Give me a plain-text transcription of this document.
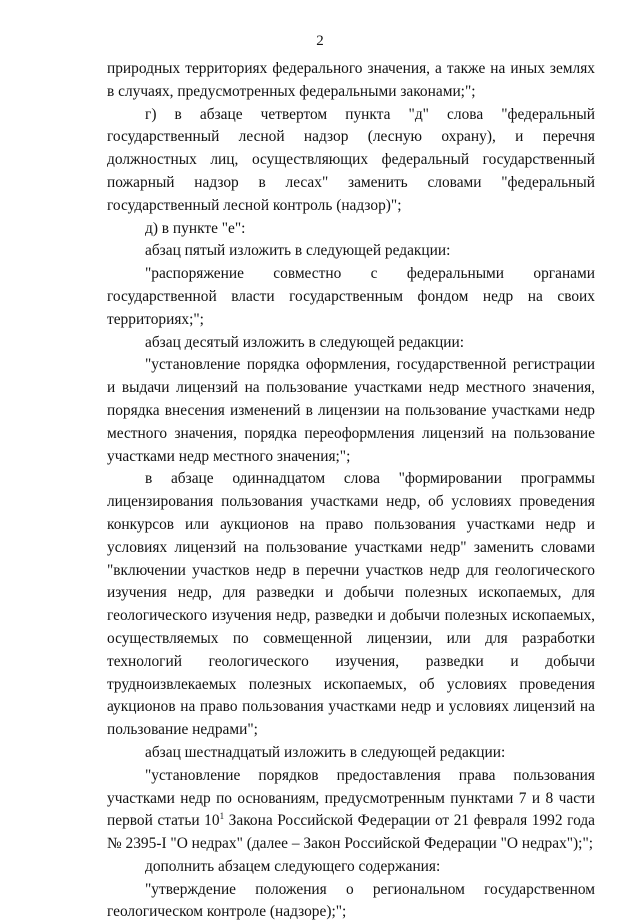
2

природных территориях федерального значения, а также на иных землях в случаях, предусмотренных федеральными законами;";

г) в абзаце четвертом пункта "д" слова "федеральный государственный лесной надзор (лесную охрану), и перечня должностных лиц, осуществляющих федеральный государственный пожарный надзор в лесах" заменить словами "федеральный государственный лесной контроль (надзор)";

д) в пункте "е":

абзац пятый изложить в следующей редакции:

"распоряжение совместно с федеральными органами государственной власти государственным фондом недр на своих территориях;";

абзац десятый изложить в следующей редакции:

"установление порядка оформления, государственной регистрации и выдачи лицензий на пользование участками недр местного значения, порядка внесения изменений в лицензии на пользование участками недр местного значения, порядка переоформления лицензий на пользование участками недр местного значения;";

в абзаце одиннадцатом слова "формировании программы лицензирования пользования участками недр, об условиях проведения конкурсов или аукционов на право пользования участками недр и условиях лицензий на пользование участками недр" заменить словами "включении участков недр в перечни участков недр для геологического изучения недр, для разведки и добычи полезных ископаемых, для геологического изучения недр, разведки и добычи полезных ископаемых, осуществляемых по совмещенной лицензии, или для разработки технологий геологического изучения, разведки и добычи трудноизвлекаемых полезных ископаемых, об условиях проведения аукционов на право пользования участками недр и условиях лицензий на пользование недрами";

абзац шестнадцатый изложить в следующей редакции:

"установление порядков предоставления права пользования участками недр по основаниям, предусмотренным пунктами 7 и 8 части первой статьи $10^1$ Закона Российской Федерации от 21 февраля 1992 года № 2395-I "О недрах" (далее – Закон Российской Федерации "О недрах");";

дополнить абзацем следующего содержания:

"утверждение положения о региональном государственном геологическом контроле (надзоре);";
